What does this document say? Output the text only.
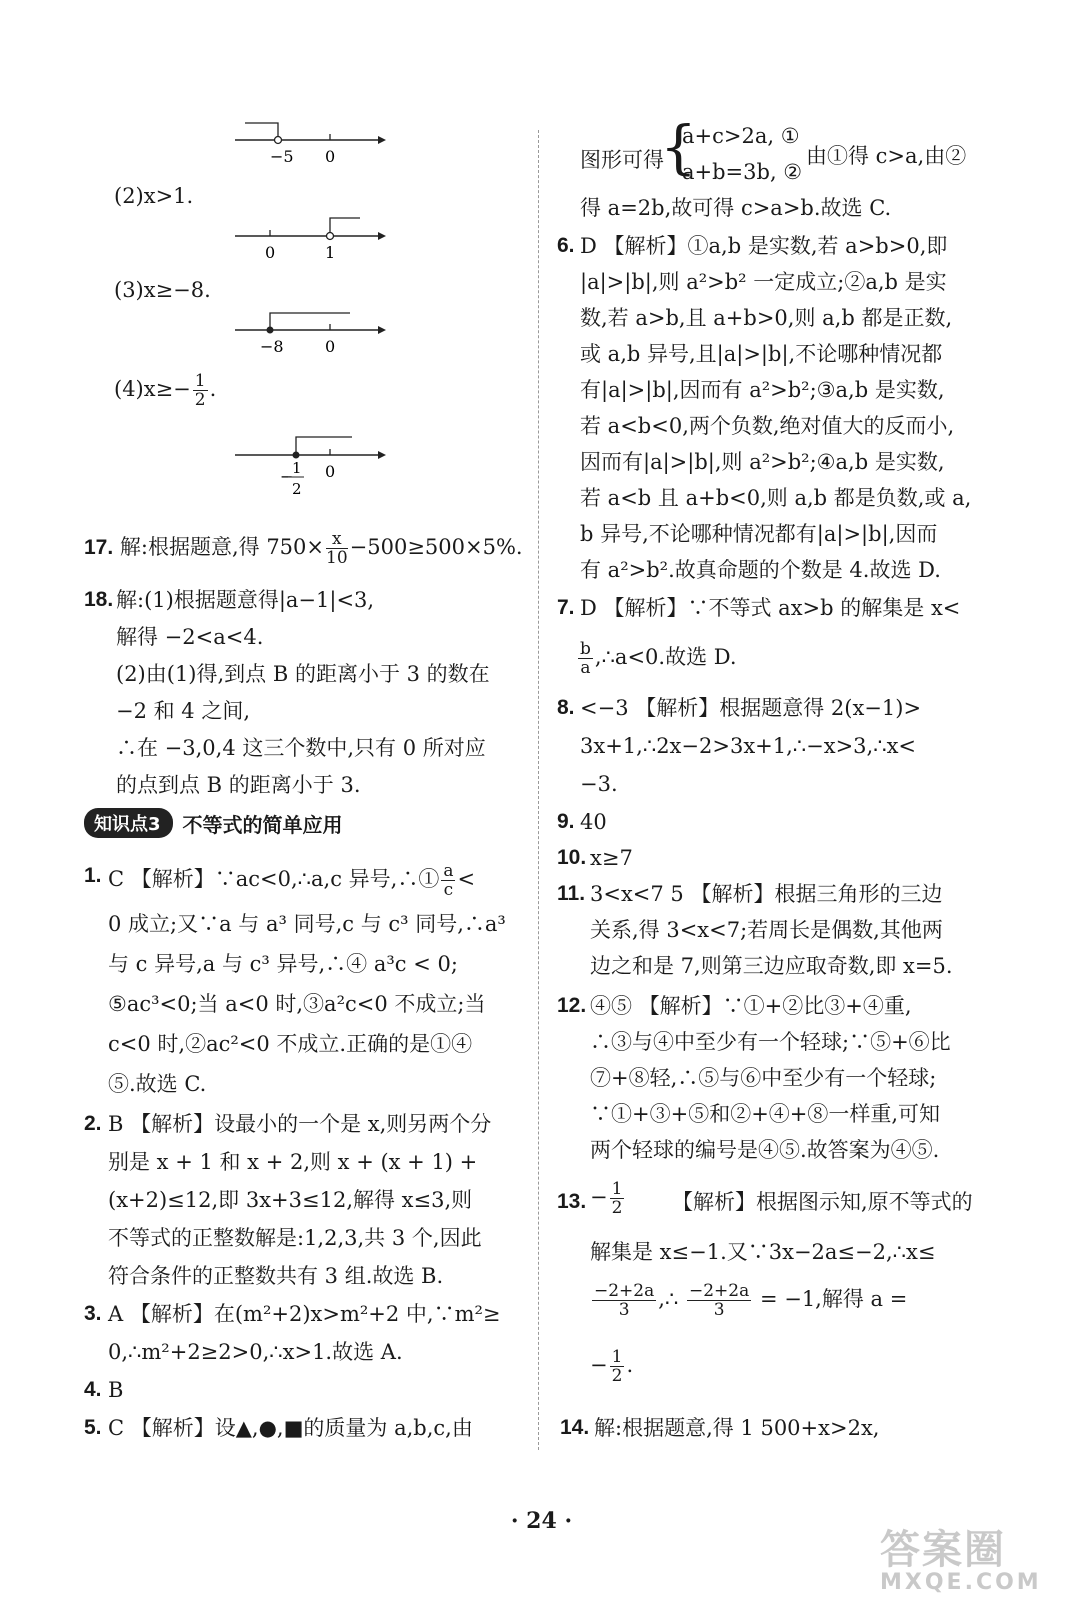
−5 0
(2)x>1.
0	1
(3)x≥−8.
−8	0
$(4)x\ge- \frac{1}{2}$ .
−
1
2
0
17. 解:根据题意,得 $750\times \frac{x}{10} -500\ge 500\times 5\%$.
18. 解:(1)根据题意得|a−1|<3,
解得 −2<a<4.
(2)由(1)得,到点 B 的距离小于 3 的数在
−2 和 4 之间,
∴在 −3,0,4 这三个数中,只有 0 所对应
的点到点 B 的距离小于 3.
知识点3	不等式的简单应用
1. C 【解析】∵ac<0,∴a,c 异号,∴① $\frac{a}{c}$ <
0 成立;又∵a 与 a³ 同号,c 与 c³ 同号,∴a³
与 c 异号,a 与 c³ 异号,∴④ a³c < 0;
⑤ac³<0;当 a<0 时,③a²c<0 不成立;当
c<0 时,②ac²<0 不成立.正确的是①④
⑤.故选 C.
2. B 【解析】设最小的一个是 x,则另两个分
别是 x + 1 和 x + 2,则 x + (x + 1) +
(x+2)≤12,即 3x+3≤12,解得 x≤3,则
不等式的正整数解是:1,2,3,共 3 个,因此
符合条件的正整数共有 3 组.故选 B.
3. A 【解析】在(m²+2)x>m²+2 中,∵m²≥
0,∴m²+2≥2>0,∴x>1.故选 A.
4. B
5. C 【解析】设▲,●,■的质量为 a,b,c,由
图形可得
{
a+c>2a, ①
a+b=3b, ②
由①得 c>a,由②
得 a=2b,故可得 c>a>b.故选 C.
6. D 【解析】①a,b 是实数,若 a>b>0,即
|a|>|b|,则 a²>b² 一定成立;②a,b 是实
数,若 a>b,且 a+b>0,则 a,b 都是正数,
或 a,b 异号,且|a|>|b|,不论哪种情况都
有|a|>|b|,因而有 a²>b²;③a,b 是实数,
若 a<b<0,两个负数,绝对值大的反而小,
因而有|a|>|b|,则 a²>b²;④a,b 是实数,
若 a<b 且 a+b<0,则 a,b 都是负数,或 a,
b 异号,不论哪种情况都有|a|>|b|,因而
有 a²>b².故真命题的个数是 4.故选 D.
7. D 【解析】∵不等式 ax>b 的解集是 x<
$\frac{b}{a}$ ,∴a<0.故选 D.
8. <−3 【解析】根据题意得 2(x−1)>
3x+1,∴2x−2>3x+1,∴−x>3,∴x<
−3.
9. 40
10. x≥7
11. 3<x<7 5 【解析】根据三角形的三边
关系,得 3<x<7;若周长是偶数,其他两
边之和是 7,则第三边应取奇数,即 x=5.
12. ④⑤ 【解析】∵①+②比③+④重,
∴③与④中至少有一个轻球;∵⑤+⑥比
⑦+⑧轻,∴⑤与⑥中至少有一个轻球;
∵①+③+⑤和②+④+⑧一样重,可知
两个轻球的编号是④⑤.故答案为④⑤.
13. − $\frac{1}{2}$ 【解析】根据图示知,原不等式的
解集是 x≤−1.又∵3x−2a≤−2,∴x≤
$\frac{-2+2a}{3}$ ,∴ $\frac{-2+2a}{3} = -1$,解得 a =
− $\frac{1}{2}$ .
14. 解:根据题意,得 1 500+x>2x,
· 24 ·
答案圈
MXQE.COM
